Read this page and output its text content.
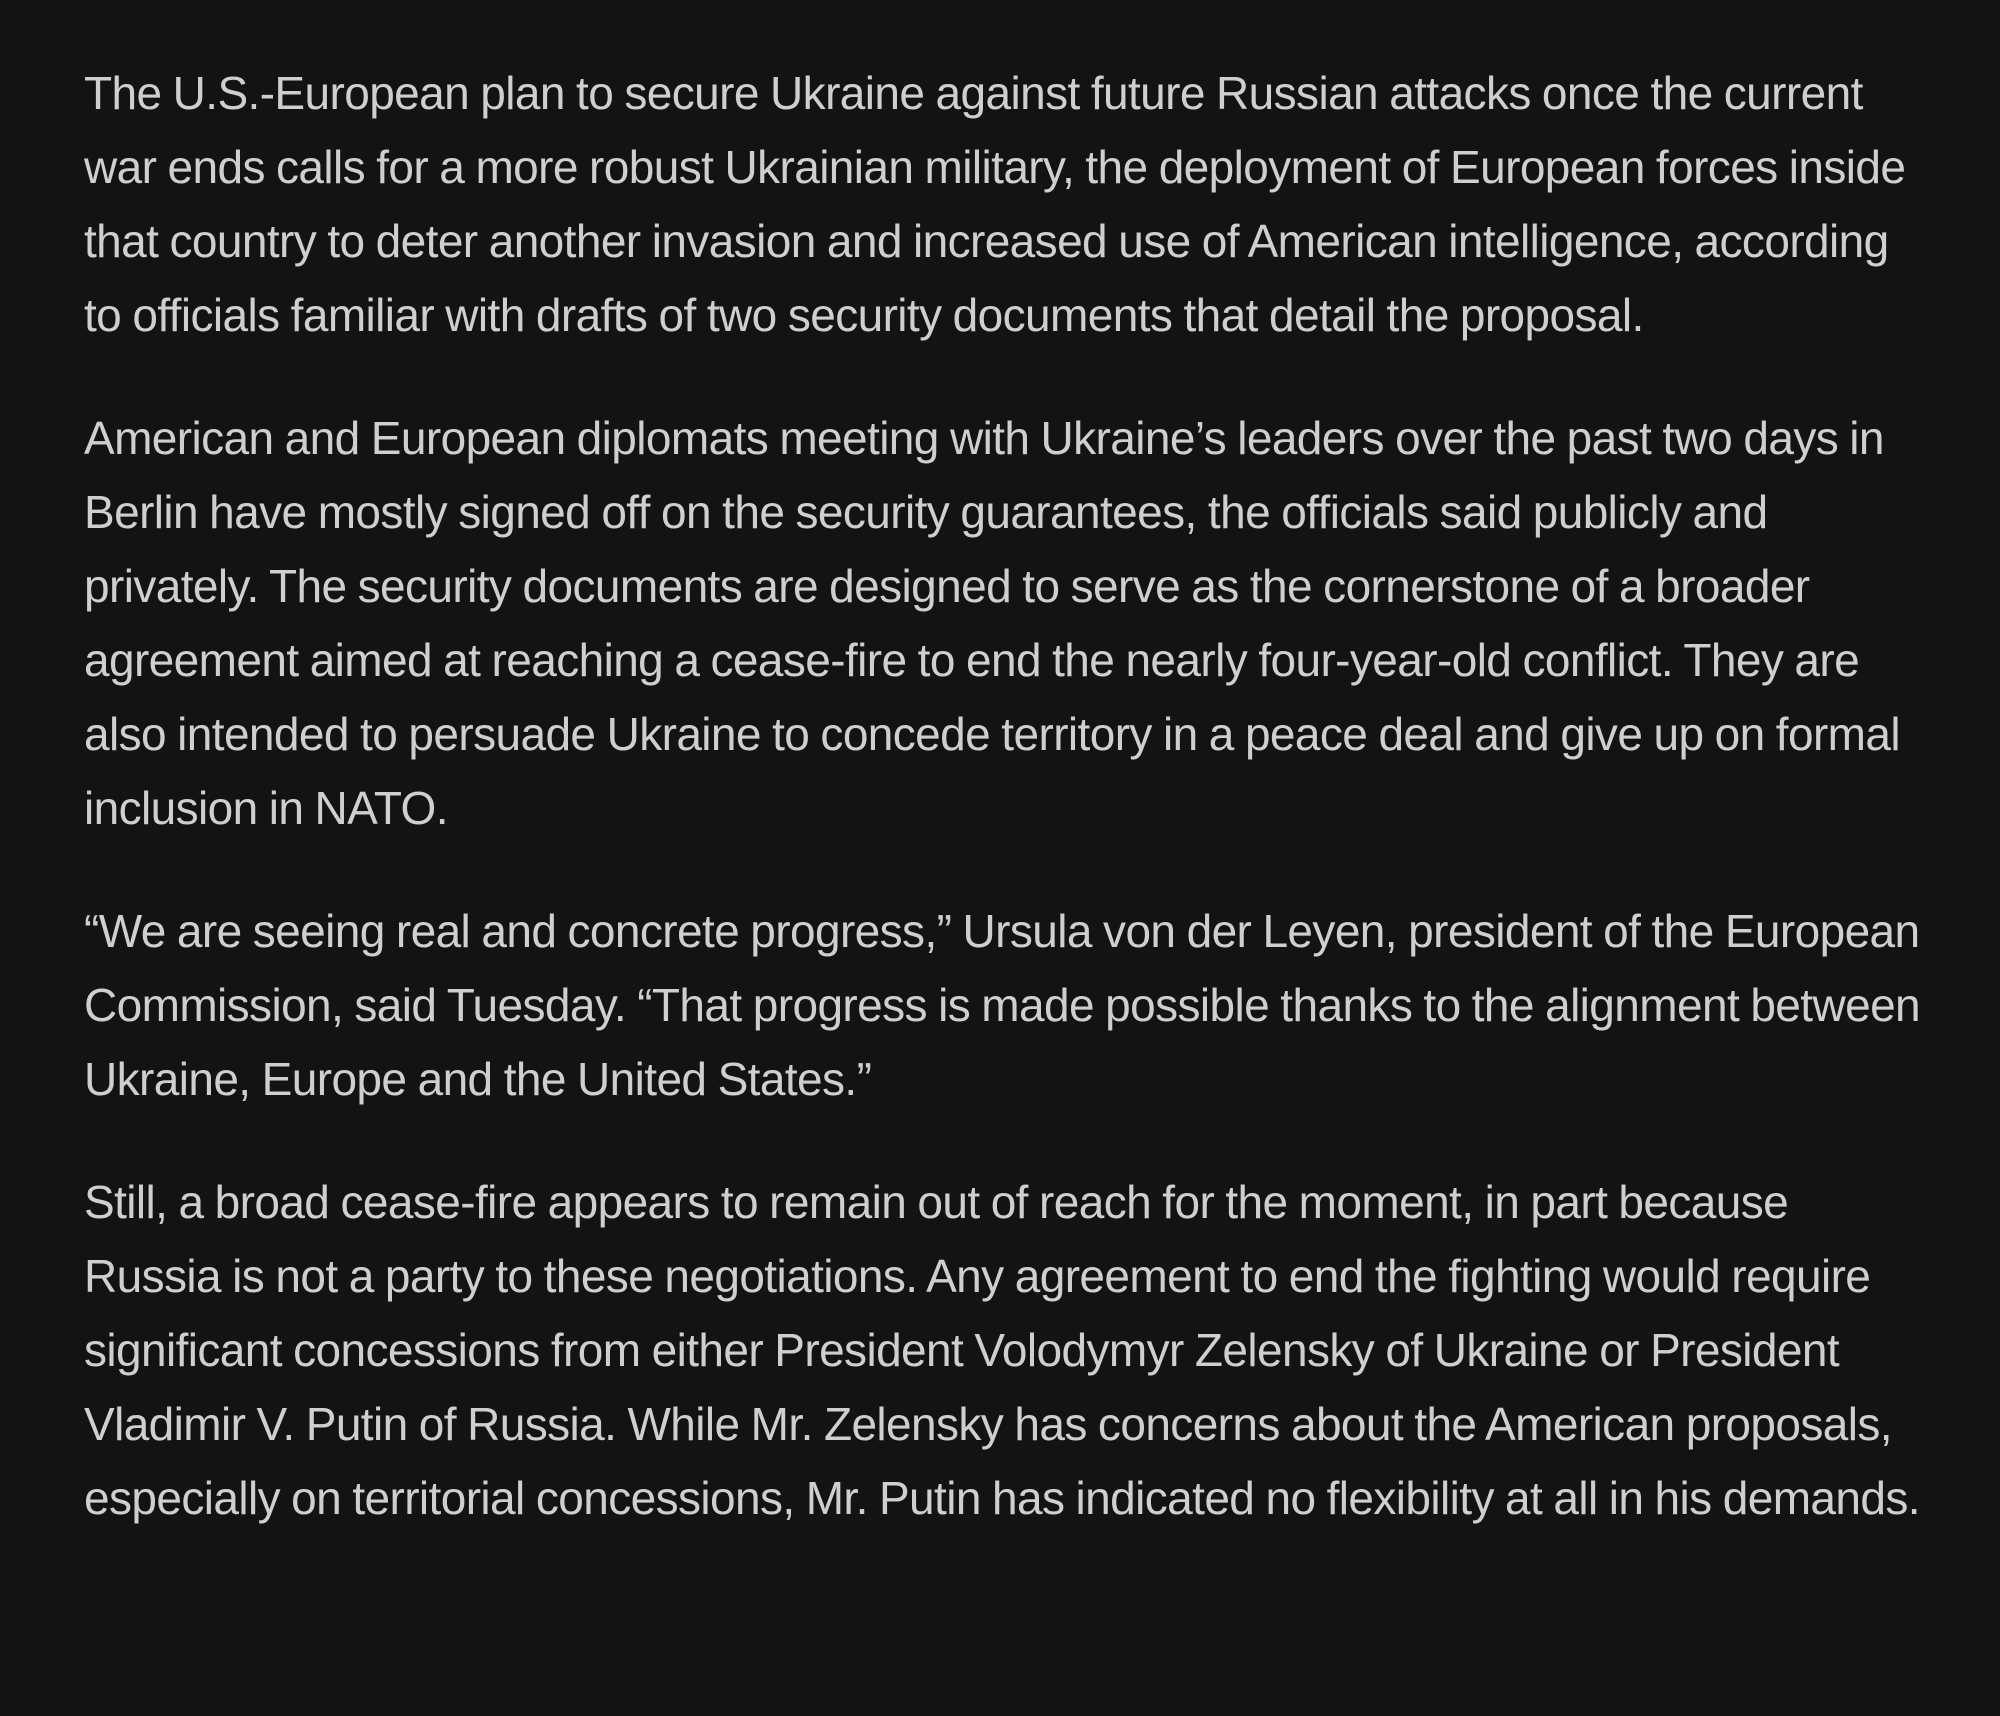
The U.S.-European plan to secure Ukraine against future Russian attacks once the current war ends calls for a more robust Ukrainian military, the deployment of European forces inside that country to deter another invasion and increased use of American intelligence, according to officials familiar with drafts of two security documents that detail the proposal.

American and European diplomats meeting with Ukraine’s leaders over the past two days in Berlin have mostly signed off on the security guarantees, the officials said publicly and privately. The security documents are designed to serve as the cornerstone of a broader agreement aimed at reaching a cease-fire to end the nearly four-year-old conflict. They are also intended to persuade Ukraine to concede territory in a peace deal and give up on formal inclusion in NATO.

“We are seeing real and concrete progress,” Ursula von der Leyen, president of the European Commission, said Tuesday. “That progress is made possible thanks to the alignment between Ukraine, Europe and the United States.”

Still, a broad cease-fire appears to remain out of reach for the moment, in part because Russia is not a party to these negotiations. Any agreement to end the fighting would require significant concessions from either President Volodymyr Zelensky of Ukraine or President Vladimir V. Putin of Russia. While Mr. Zelensky has concerns about the American proposals, especially on territorial concessions, Mr. Putin has indicated no flexibility at all in his demands.
